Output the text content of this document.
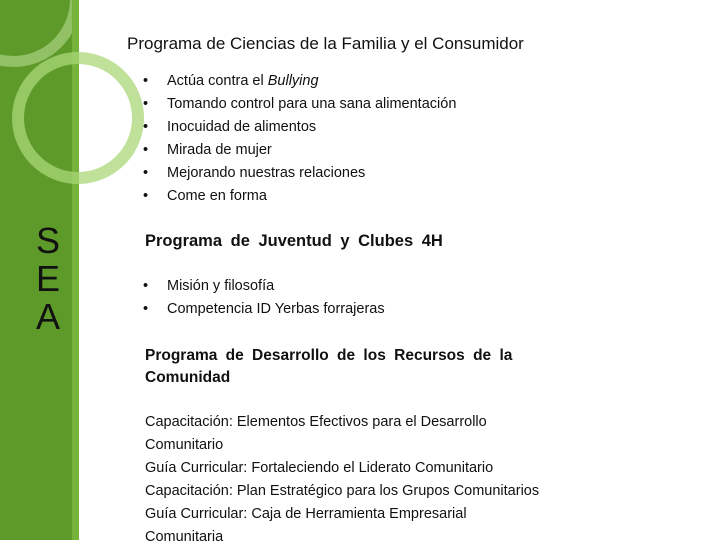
S
E
A
Programa de Ciencias de la Familia y el Consumidor
• Actúa contra el Bullying
• Tomando control para una sana alimentación
• Inocuidad de alimentos
• Mirada de mujer
• Mejorando nuestras relaciones
• Come en forma
Programa de Juventud y Clubes 4H
• Misión y filosofía
• Competencia ID Yerbas forrajeras
Programa de Desarrollo de los Recursos de la Comunidad
Capacitación: Elementos Efectivos para el Desarrollo
Comunitario
Guía Curricular: Fortaleciendo el Liderato Comunitario
Capacitación: Plan Estratégico para los Grupos Comunitarios
Guía Curricular: Caja de Herramienta Empresarial
Comunitaria
